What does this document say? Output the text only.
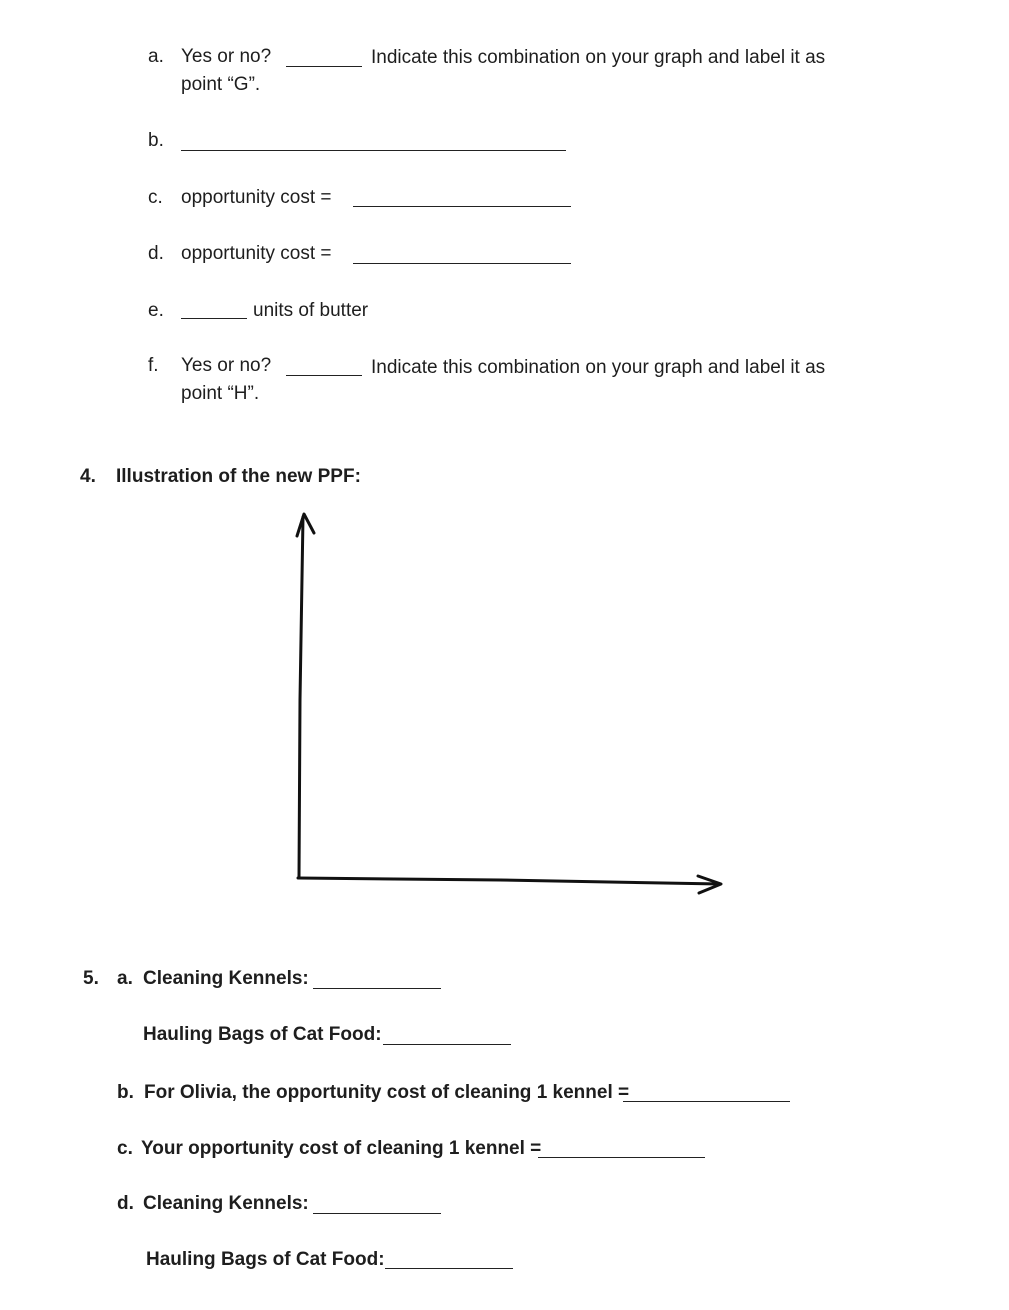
a. Yes or no?	Indicate this combination on your graph and label it as
point “G”.
b.
c. opportunity cost =
d. opportunity cost =
e.	units of butter
f. Yes or no?	Indicate this combination on your graph and label it as
point “H”.
4. Illustration of the new PPF:
5. a. Cleaning Kennels:
Hauling Bags of Cat Food:
b. For Olivia, the opportunity cost of cleaning 1 kennel =
c. Your opportunity cost of cleaning 1 kennel =
d. Cleaning Kennels:
Hauling Bags of Cat Food:
